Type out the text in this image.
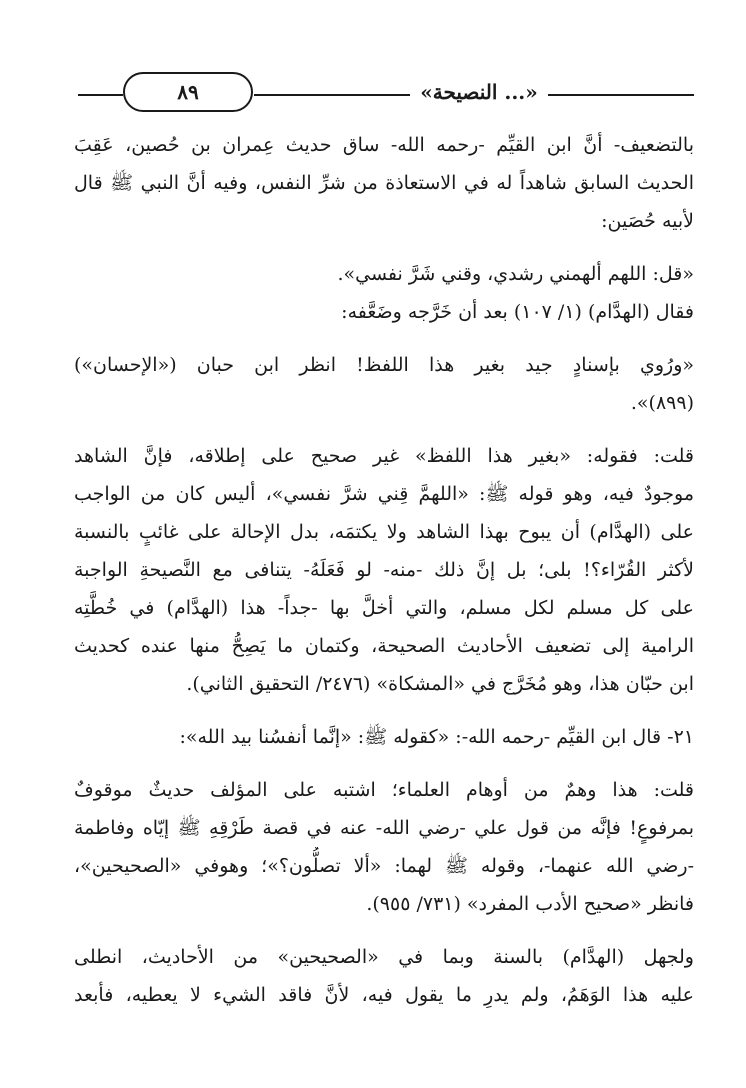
٨٩	«النصيحة ...»

بالتضعيف- أنَّ ابن القيِّم -رحمه الله- ساق حديث عِمران بن حُصين، عَقِبَ
الحديث السابق شاهداً له في الاستعاذة من شرِّ النفس، وفيه أنَّ النبي ﷺ قال
لأبيه حُصَين:

«قل: اللهم ألهمني رشدي، وقني شَرَّ نفسي».

فقال (الهدَّام) (١/ ١٠٧) بعد أن خَرَّجه وضَعَّفه:

«ورُوي بإسنادٍ جيد بغير هذا اللفظ! انظر ابن حبان («الإحسان»)
(٨٩٩)».

قلت: فقوله: «بغير هذا اللفظ» غير صحيح على إطلاقه، فإنَّ الشاهد
موجودٌ فيه، وهو قوله ﷺ: «اللهمَّ قِني شرَّ نفسي»، أليس كان من الواجب
على (الهدَّام) أن يبوح بهذا الشاهد ولا يكتمَه، بدل الإحالة على غائبٍ بالنسبة
لأكثر القُرّاء؟! بلى؛ بل إنَّ ذلك -منه- لو فَعَلَهُ- يتنافى مع النَّصيحةِ الواجبة
على كل مسلم لكل مسلم، والتي أخلَّ بها -جداً- هذا (الهدَّام) في خُطَّتِه
الرامية إلى تضعيف الأحاديث الصحيحة، وكتمان ما يَصِحُّ منها عنده كحديث
ابن حبّان هذا، وهو مُخَرَّج في «المشكاة» (٢٤٧٦/ التحقيق الثاني).

٢١- قال ابن القيِّم -رحمه الله-: «كقوله ﷺ: «إنَّما أنفسُنا بيد الله»:

قلت: هذا وهمٌ من أوهام العلماء؛ اشتبه على المؤلف حديثٌ موقوفٌ
بمرفوعٍ! فإنَّه من قول علي -رضي الله- عنه في قصة طَرْقِهِ ﷺ إيّاه وفاطمة
-رضي الله عنهما-، وقوله ﷺ لهما: «ألا تصلُّون؟»؛ وهوفي «الصحيحين»،
فانظر «صحيح الأدب المفرد» (٧٣١/ ٩٥٥).

ولجهل (الهدَّام) بالسنة وبما في «الصحيحين» من الأحاديث، انطلى
عليه هذا الوَهَمُ، ولم يدرِ ما يقول فيه، لأنَّ فاقد الشيء لا يعطيه، فأبعد
